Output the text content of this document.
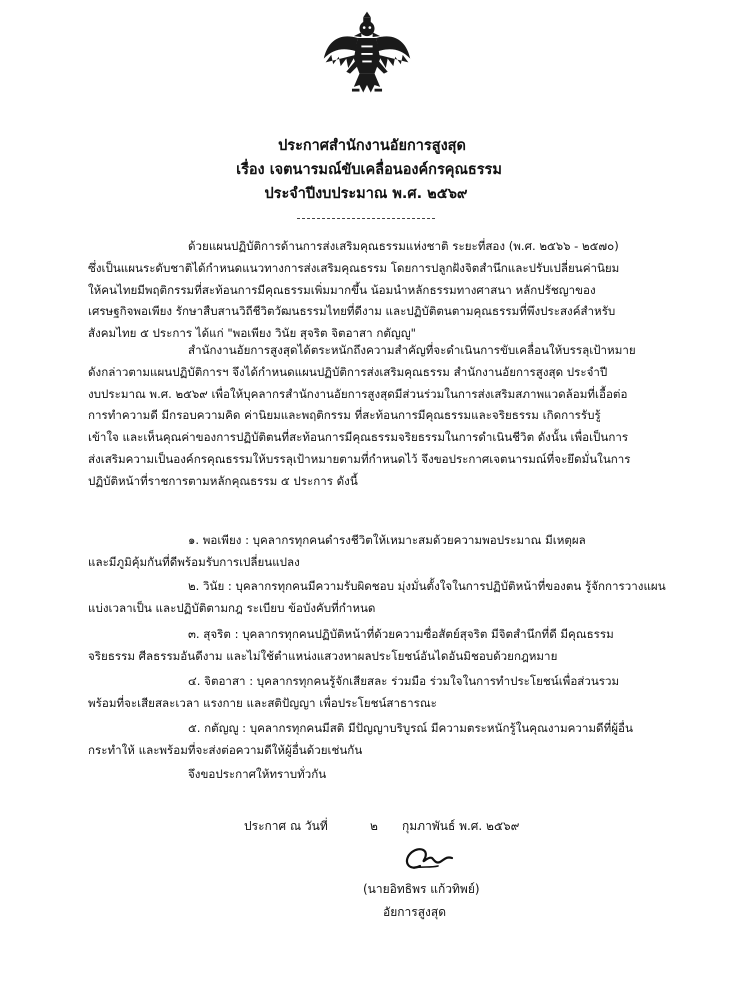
ประกาศสำนักงานอัยการสูงสุด
เรื่อง เจตนารมณ์ขับเคลื่อนองค์กรคุณธรรม
ประจำปีงบประมาณ พ.ศ. ๒๕๖๙
ด้วยแผนปฏิบัติการด้านการส่งเสริมคุณธรรมแห่งชาติ ระยะที่สอง (พ.ศ. ๒๕๖๖ - ๒๕๗๐)
ซึ่งเป็นแผนระดับชาติได้กำหนดแนวทางการส่งเสริมคุณธรรม โดยการปลูกฝังจิตสำนึกและปรับเปลี่ยนค่านิยม
ให้คนไทยมีพฤติกรรมที่สะท้อนการมีคุณธรรมเพิ่มมากขึ้น น้อมนำหลักธรรมทางศาสนา หลักปรัชญาของ
เศรษฐกิจพอเพียง รักษาสืบสานวิถีชีวิตวัฒนธรรมไทยที่ดีงาม และปฏิบัติตนตามคุณธรรมที่พึงประสงค์สำหรับ
สังคมไทย ๕ ประการ ได้แก่ "พอเพียง วินัย สุจริต จิตอาสา กตัญญู"
สำนักงานอัยการสูงสุดได้ตระหนักถึงความสำคัญที่จะดำเนินการขับเคลื่อนให้บรรลุเป้าหมาย
ดังกล่าวตามแผนปฏิบัติการฯ จึงได้กำหนดแผนปฏิบัติการส่งเสริมคุณธรรม สำนักงานอัยการสูงสุด ประจำปี
งบประมาณ พ.ศ. ๒๕๖๙ เพื่อให้บุคลากรสำนักงานอัยการสูงสุดมีส่วนร่วมในการส่งเสริมสภาพแวดล้อมที่เอื้อต่อ
การทำความดี มีกรอบความคิด ค่านิยมและพฤติกรรม ที่สะท้อนการมีคุณธรรมและจริยธรรม เกิดการรับรู้
เข้าใจ และเห็นคุณค่าของการปฏิบัติตนที่สะท้อนการมีคุณธรรมจริยธรรมในการดำเนินชีวิต ดังนั้น เพื่อเป็นการ
ส่งเสริมความเป็นองค์กรคุณธรรมให้บรรลุเป้าหมายตามที่กำหนดไว้ จึงขอประกาศเจตนารมณ์ที่จะยึดมั่นในการ
ปฏิบัติหน้าที่ราชการตามหลักคุณธรรม ๕ ประการ ดังนี้
๑. พอเพียง : บุคลากรทุกคนดำรงชีวิตให้เหมาะสมด้วยความพอประมาณ มีเหตุผล
และมีภูมิคุ้มกันที่ดีพร้อมรับการเปลี่ยนแปลง
๒. วินัย : บุคลากรทุกคนมีความรับผิดชอบ มุ่งมั่นตั้งใจในการปฏิบัติหน้าที่ของตน รู้จักการวางแผน
แบ่งเวลาเป็น และปฏิบัติตามกฎ ระเบียบ ข้อบังคับที่กำหนด
๓. สุจริต : บุคลากรทุกคนปฏิบัติหน้าที่ด้วยความซื่อสัตย์สุจริต มีจิตสำนึกที่ดี มีคุณธรรม
จริยธรรม ศีลธรรมอันดีงาม และไม่ใช้ตำแหน่งแสวงหาผลประโยชน์อันไดอันมิชอบด้วยกฎหมาย
๔. จิตอาสา : บุคลากรทุกคนรู้จักเสียสละ ร่วมมือ ร่วมใจในการทำประโยชน์เพื่อส่วนรวม
พร้อมที่จะเสียสละเวลา แรงกาย และสติปัญญา เพื่อประโยชน์สาธารณะ
๕. กตัญญู : บุคลากรทุกคนมีสติ มีปัญญาบริบูรณ์ มีความตระหนักรู้ในคุณงามความดีที่ผู้อื่น
กระทำให้ และพร้อมที่จะส่งต่อความดีให้ผู้อื่นด้วยเช่นกัน
จึงขอประกาศให้ทราบทั่วกัน
ประกาศ ณ วันที่	๒ กุมภาพันธ์ พ.ศ. ๒๕๖๙
(นายอิทธิพร แก้วทิพย์)
อัยการสูงสุด
